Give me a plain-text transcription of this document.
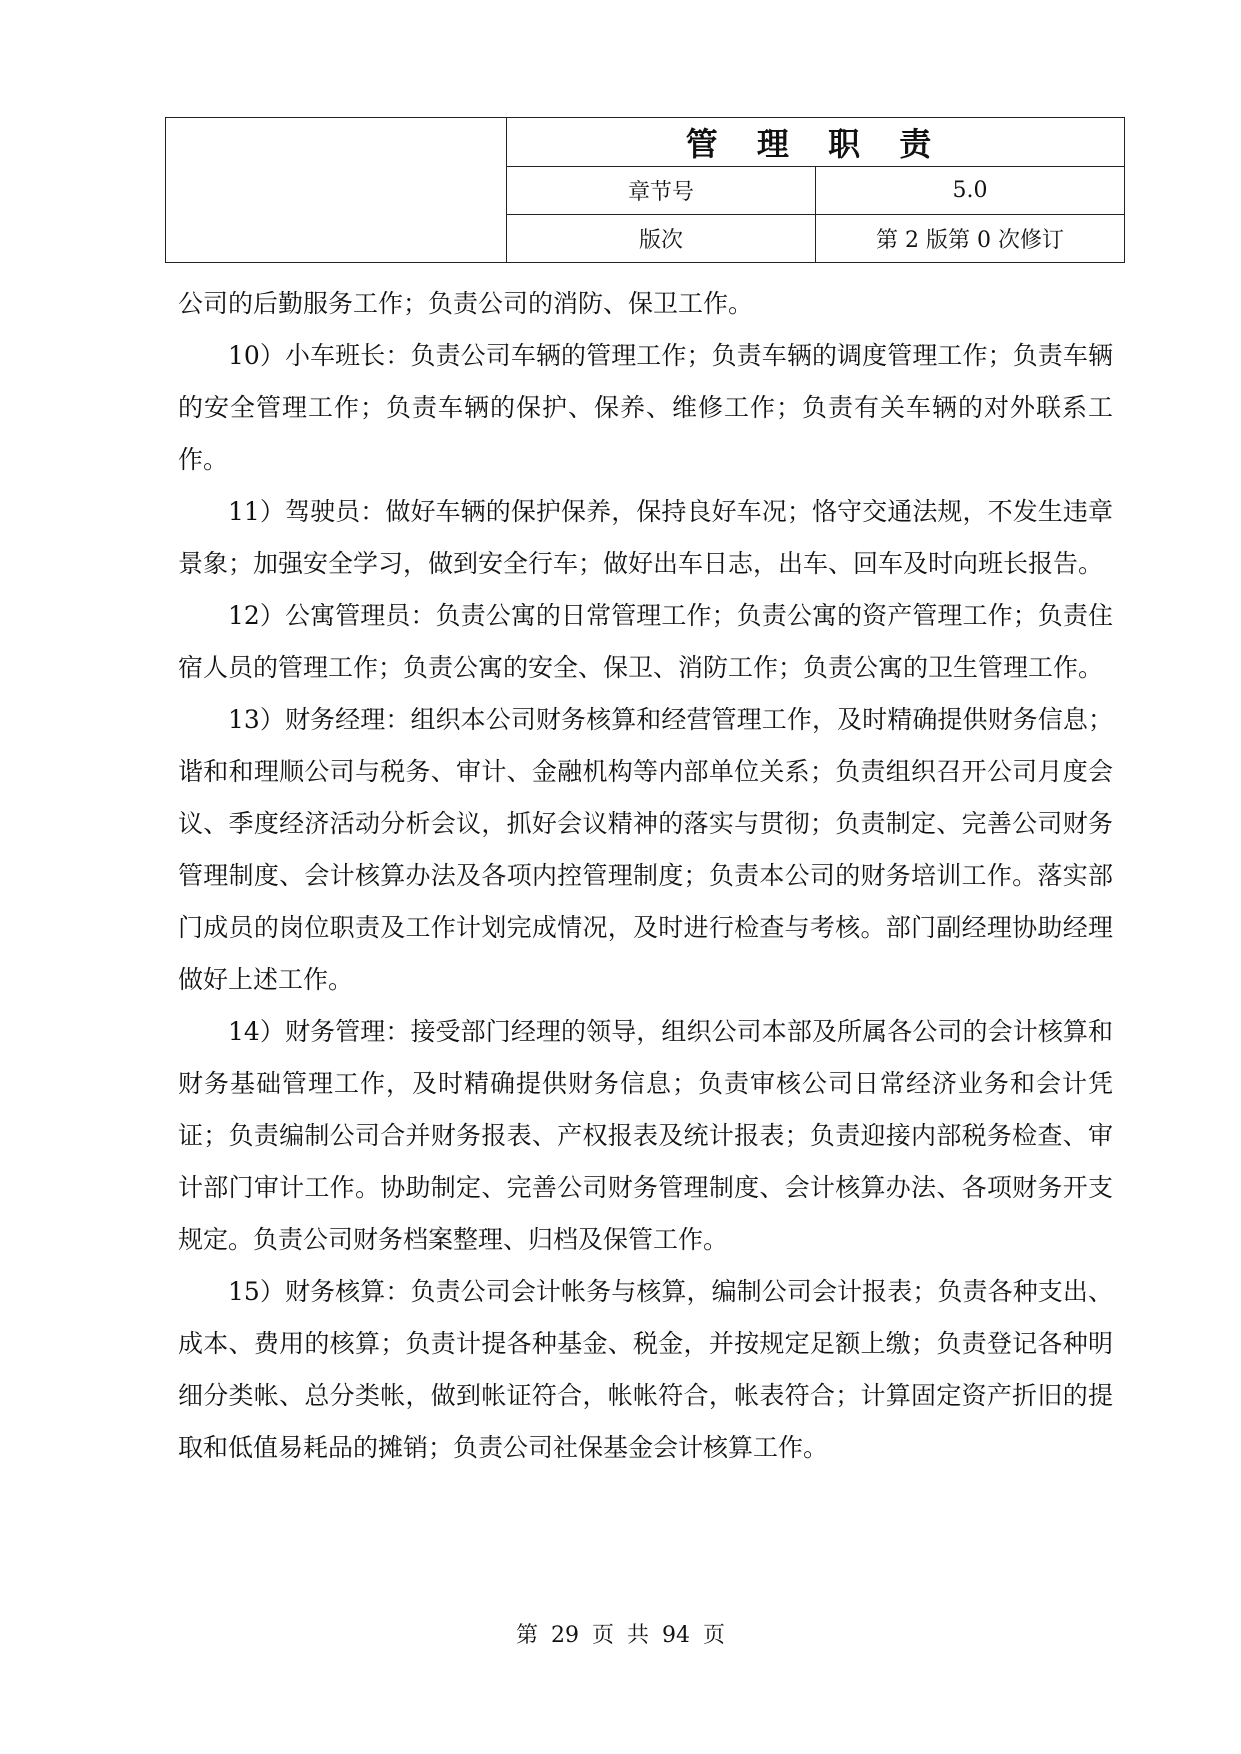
	管 理 职 责	
	章节号	5.0
	版次	第 2 版第 0 次修订

公司的后勤服务工作；负责公司的消防、保卫工作。

10）小车班长：负责公司车辆的管理工作；负责车辆的调度管理工作；负责车辆的安全管理工作；负责车辆的保护、保养、维修工作；负责有关车辆的对外联系工作。

11）驾驶员：做好车辆的保护保养，保持良好车况；恪守交通法规，不发生违章景象；加强安全学习，做到安全行车；做好出车日志，出车、回车及时向班长报告。

12）公寓管理员：负责公寓的日常管理工作；负责公寓的资产管理工作；负责住宿人员的管理工作；负责公寓的安全、保卫、消防工作；负责公寓的卫生管理工作。

13）财务经理：组织本公司财务核算和经营管理工作，及时精确提供财务信息；谐和和理顺公司与税务、审计、金融机构等内部单位关系；负责组织召开公司月度会议、季度经济活动分析会议，抓好会议精神的落实与贯彻；负责制定、完善公司财务管理制度、会计核算办法及各项内控管理制度；负责本公司的财务培训工作。落实部门成员的岗位职责及工作计划完成情况，及时进行检查与考核。部门副经理协助经理做好上述工作。

14）财务管理：接受部门经理的领导，组织公司本部及所属各公司的会计核算和财务基础管理工作，及时精确提供财务信息；负责审核公司日常经济业务和会计凭证；负责编制公司合并财务报表、产权报表及统计报表；负责迎接内部税务检查、审计部门审计工作。协助制定、完善公司财务管理制度、会计核算办法、各项财务开支规定。负责公司财务档案整理、归档及保管工作。

15）财务核算：负责公司会计帐务与核算，编制公司会计报表；负责各种支出、成本、费用的核算；负责计提各种基金、税金，并按规定足额上缴；负责登记各种明细分类帐、总分类帐，做到帐证符合，帐帐符合，帐表符合；计算固定资产折旧的提取和低值易耗品的摊销；负责公司社保基金会计核算工作。

第 29 页 共 94 页
